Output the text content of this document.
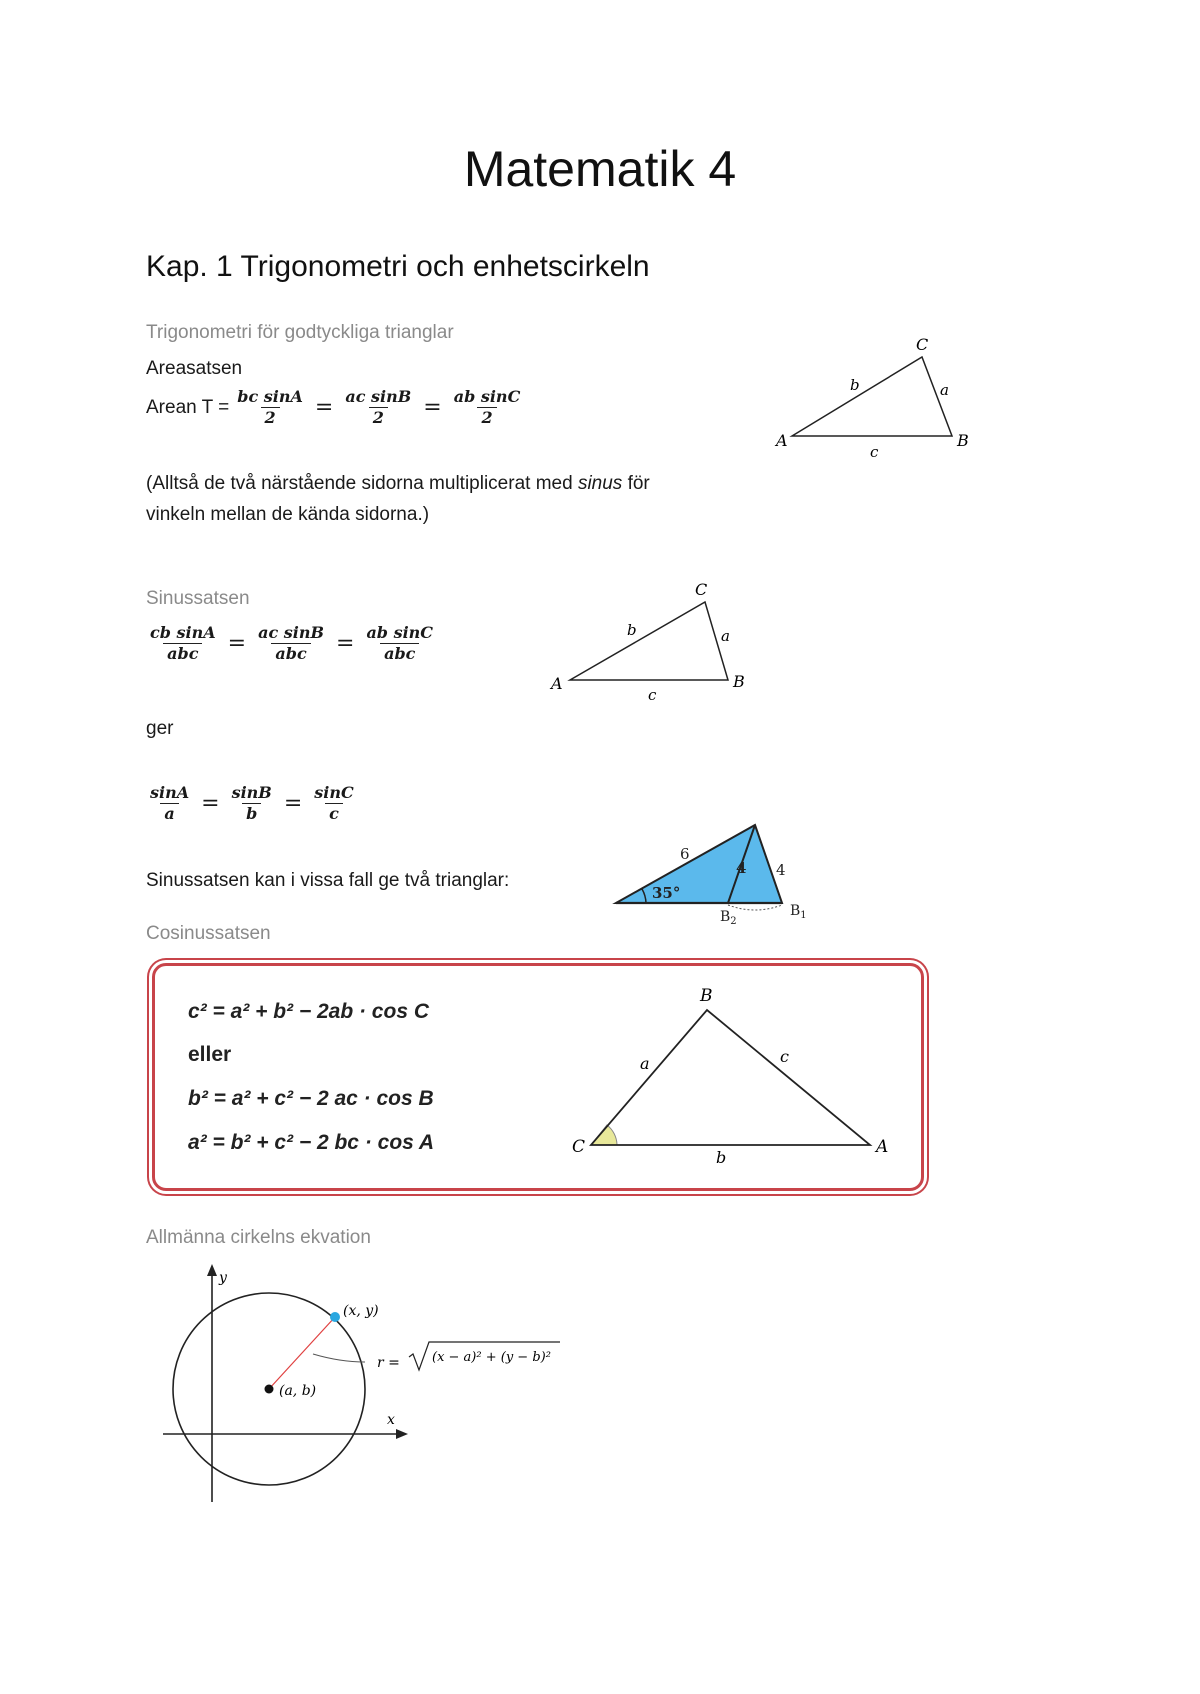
Matematik 4
Kap. 1 Trigonometri och enhetscirkeln
Trigonometri för godtyckliga trianglar
Areasatsen
Arean $T = \frac{\text{bc sinA}}{2} = \frac{\text{ac sinB}}{2} = \frac{\text{ab sinC}}{2}$
(Alltså de två närstående sidorna multiplicerat med sinus för
vinkeln mellan de kända sidorna.)
A	B
C
a
b
c
Sinussatsen
$\frac{\text{cb sinA}}{\text{abc}} = \frac{\text{ac sinB}}{\text{abc}} = \frac{\text{ab sinC}}{\text{abc}}$
A	B
C
a
b
c
ger
$\frac{\sin A}{a} = \frac{\sin B}{b} = \frac{\sin C}{c}$
Sinussatsen kan i vissa fall ge två trianglar:
6
4 4
35°
$B_2$
$B_1$
Cosinussatsen
c² = a² + b² − 2ab · cos C
eller
b² = a² + c² − 2 ac · cos B
a² = b² + c² − 2 bc · cos A
B
C	A
a	c
b
Allmänna cirkelns ekvation
y
x
(x, y)
(a, b)
r = (x − a)² + (y − b)²
